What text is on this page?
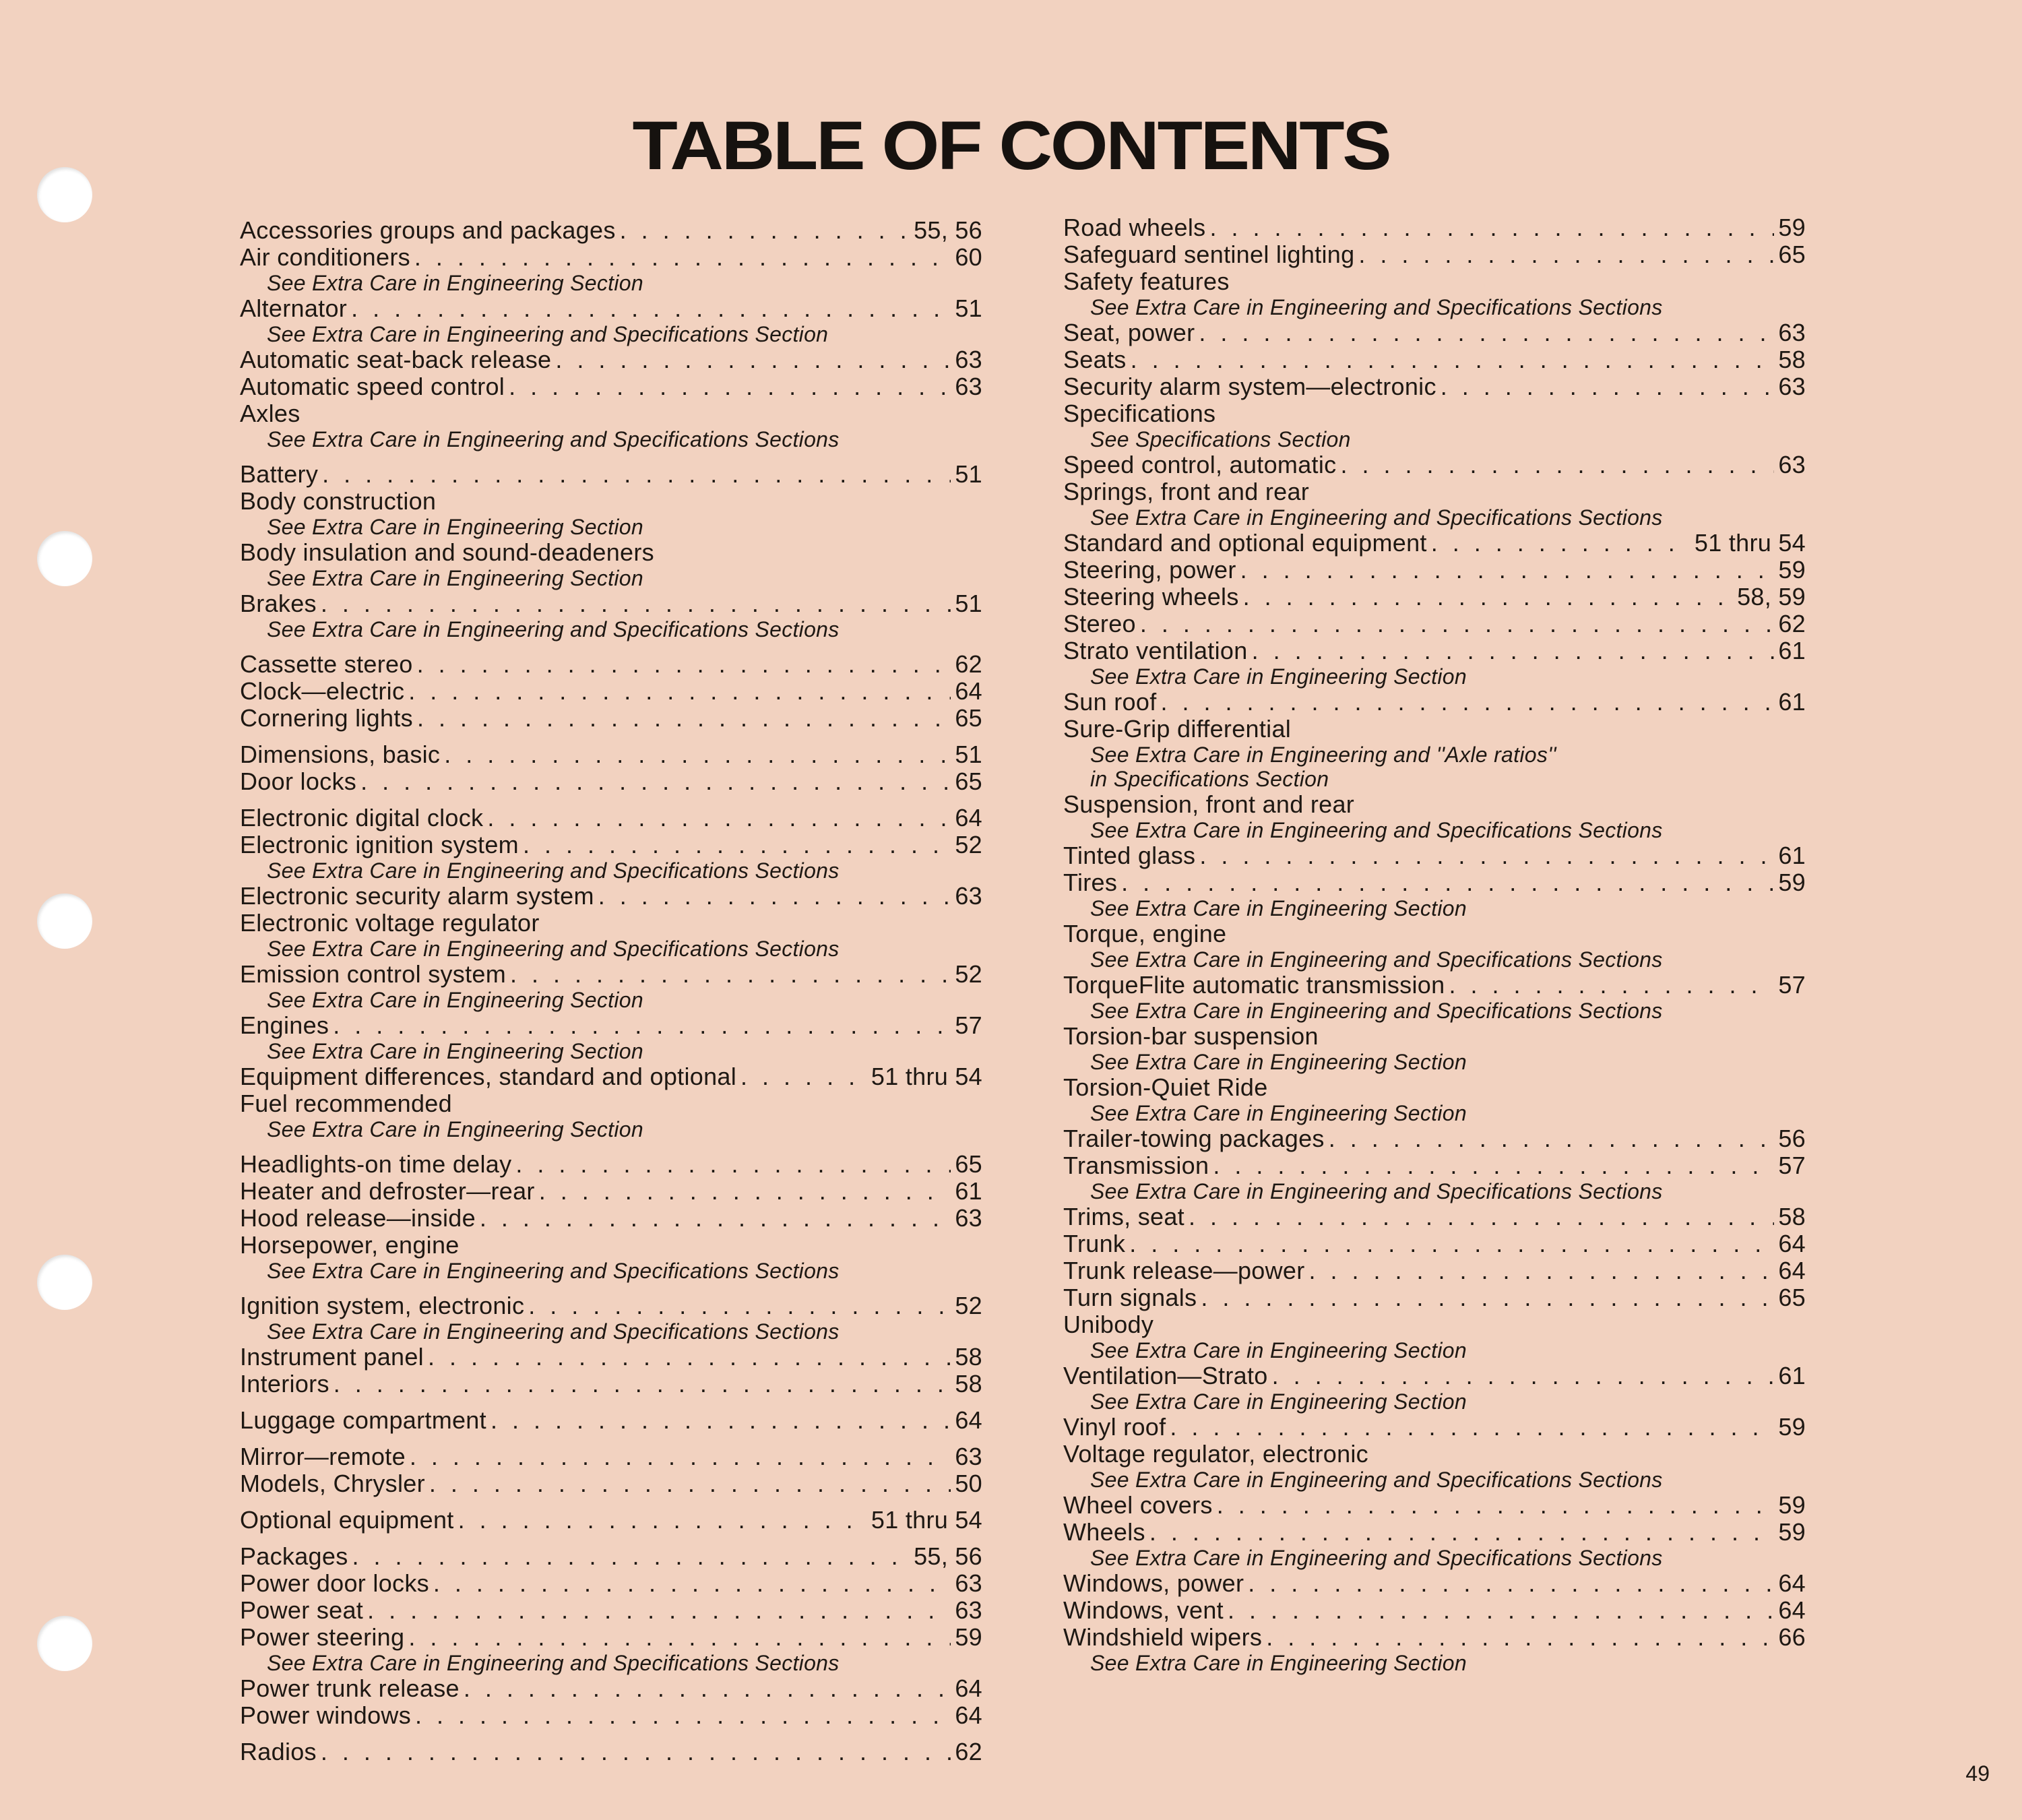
TABLE OF CONTENTS
Accessories groups and packages . . .	55, 56
Air conditioners . . .	60
See Extra Care in Engineering Section
Alternator . . .	51
See Extra Care in Engineering and Specifications Section
Automatic seat-back release . . .	63
Automatic speed control . . .	63
Axles
See Extra Care in Engineering and Specifications Sections
Battery . . .	51
Body construction
See Extra Care in Engineering Section
Body insulation and sound-deadeners
See Extra Care in Engineering Section
Brakes . . .	51
See Extra Care in Engineering and Specifications Sections
Cassette stereo . . .	62
Clock—electric . . .	64
Cornering lights . . .	65
Dimensions, basic . . .	51
Door locks . . .	65
Electronic digital clock . . .	64
Electronic ignition system . . .	52
See Extra Care in Engineering and Specifications Sections
Electronic security alarm system . . .	63
Electronic voltage regulator
See Extra Care in Engineering and Specifications Sections
Emission control system . . .	52
See Extra Care in Engineering Section
Engines . . .	57
See Extra Care in Engineering Section
Equipment differences, standard and optional . . .	51 thru 54
Fuel recommended
See Extra Care in Engineering Section
Headlights-on time delay . . .	65
Heater and defroster—rear . . .	61
Hood release—inside . . .	63
Horsepower, engine
See Extra Care in Engineering and Specifications Sections
Ignition system, electronic . . .	52
See Extra Care in Engineering and Specifications Sections
Instrument panel . . .	58
Interiors . . .	58
Luggage compartment . . .	64
Mirror—remote . . .	63
Models, Chrysler . . .	50
Optional equipment . . .	51 thru 54
Packages . . .	55, 56
Power door locks . . .	63
Power seat . . .	63
Power steering . . .	59
See Extra Care in Engineering and Specifications Sections
Power trunk release . . .	64
Power windows . . .	64
Radios . . .	62
Road wheels . . .	59
Safeguard sentinel lighting . . .	65
Safety features
See Extra Care in Engineering and Specifications Sections
Seat, power . . .	63
Seats . . .	58
Security alarm system—electronic . . .	63
Specifications
See Specifications Section
Speed control, automatic . . .	63
Springs, front and rear
See Extra Care in Engineering and Specifications Sections
Standard and optional equipment . . .	51 thru 54
Steering, power . . .	59
Steering wheels . . .	58, 59
Stereo . . .	62
Strato ventilation . . .	61
See Extra Care in Engineering Section
Sun roof . . .	61
Sure-Grip differential
See Extra Care in Engineering and ''Axle ratios''
in Specifications Section
Suspension, front and rear
See Extra Care in Engineering and Specifications Sections
Tinted glass . . .	61
Tires . . .	59
See Extra Care in Engineering Section
Torque, engine
See Extra Care in Engineering and Specifications Sections
TorqueFlite automatic transmission . . .	57
See Extra Care in Engineering and Specifications Sections
Torsion-bar suspension
See Extra Care in Engineering Section
Torsion-Quiet Ride
See Extra Care in Engineering Section
Trailer-towing packages . . .	56
Transmission . . .	57
See Extra Care in Engineering and Specifications Sections
Trims, seat . . .	58
Trunk . . .	64
Trunk release—power . . .	64
Turn signals . . .	65
Unibody
See Extra Care in Engineering Section
Ventilation—Strato . . .	61
See Extra Care in Engineering Section
Vinyl roof . . .	59
Voltage regulator, electronic
See Extra Care in Engineering and Specifications Sections
Wheel covers . . .	59
Wheels . . .	59
See Extra Care in Engineering and Specifications Sections
Windows, power . . .	64
Windows, vent . . .	64
Windshield wipers . . .	66
See Extra Care in Engineering Section
49
